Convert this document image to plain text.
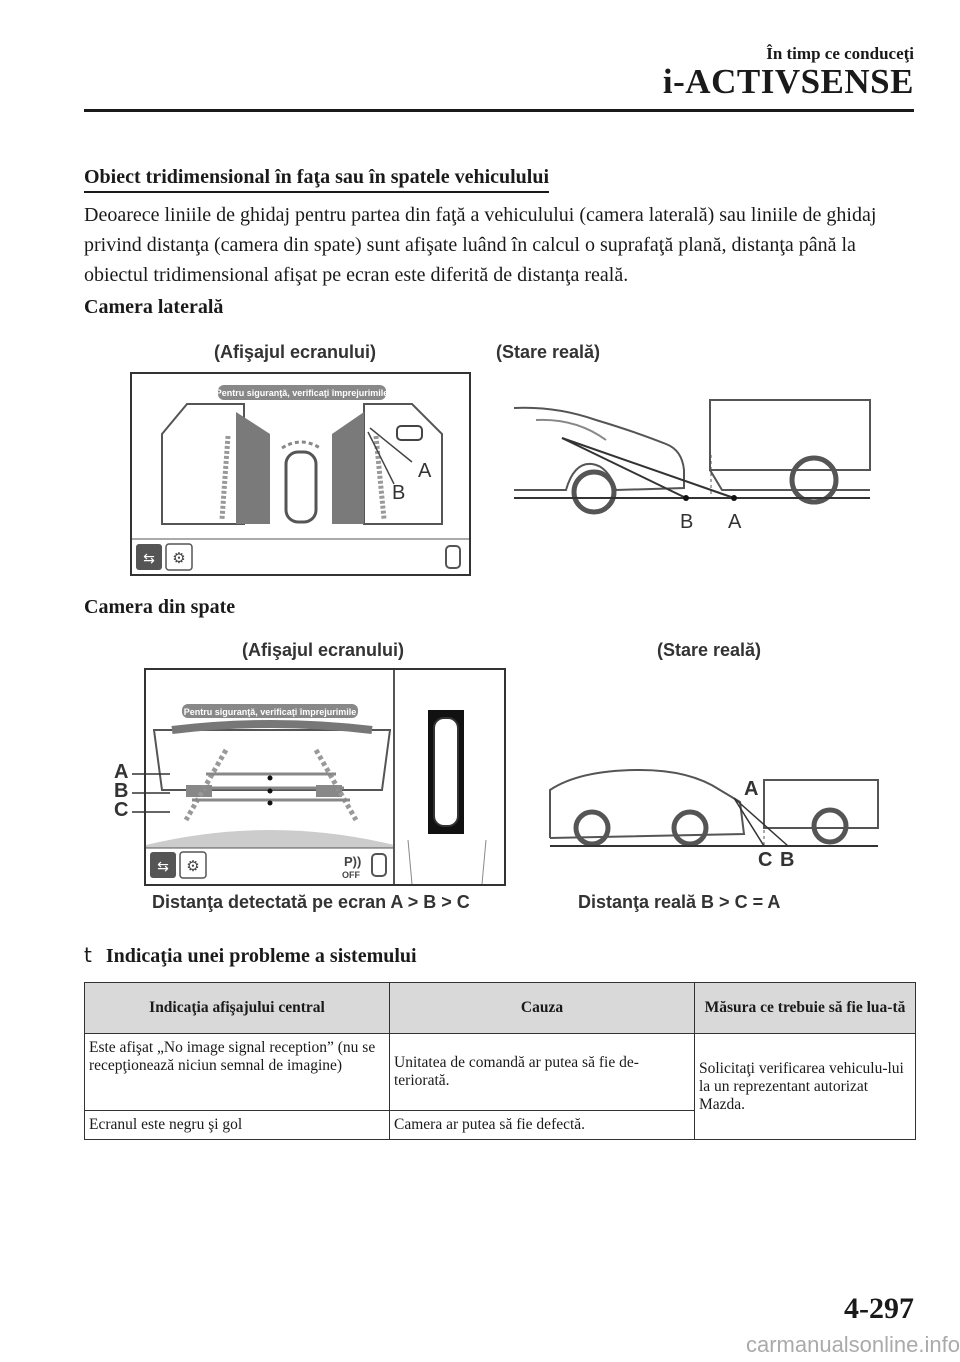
În timp ce conduceţi
i-ACTIVSENSE
Obiect tridimensional în faţa sau în spatele vehiculului
Deoarece liniile de ghidaj pentru partea din faţă a vehiculului (camera laterală) sau liniile de ghidaj privind distanţa (camera din spate) sunt afişate luând în calcul o suprafaţă plană, distanţa până la obiectul tridimensional afişat pe ecran este diferită de distanţa reală.
Camera laterală
(Afişajul ecranului)	(Stare reală)
Pentru siguranţă, verificaţi împrejurimile
A
B
⇆ ⚙
B A
Camera din spate
(Afişajul ecranului)	(Stare reală)
Pentru siguranţă, verificaţi împrejurimile
⇆ ⚙	P))
OFF
A
B
C
A
C B
Distanţa detectată pe ecran A > B > C	Distanţa reală B > C = A
t Indicaţia unei probleme a sistemului
Indicaţia afişajului central	Cauza	Măsura ce trebuie să fie lua-tă
Este afişat „No image signal reception” (nu se recepţionează niciun semnal de imagine)	Unitatea de comandă ar putea să fie de-teriorată.	Solicitaţi verificarea vehiculu-lui la un reprezentant autorizat Mazda.
Ecranul este negru şi gol	Camera ar putea să fie defectă.	
4-297
carmanualsonline.info
